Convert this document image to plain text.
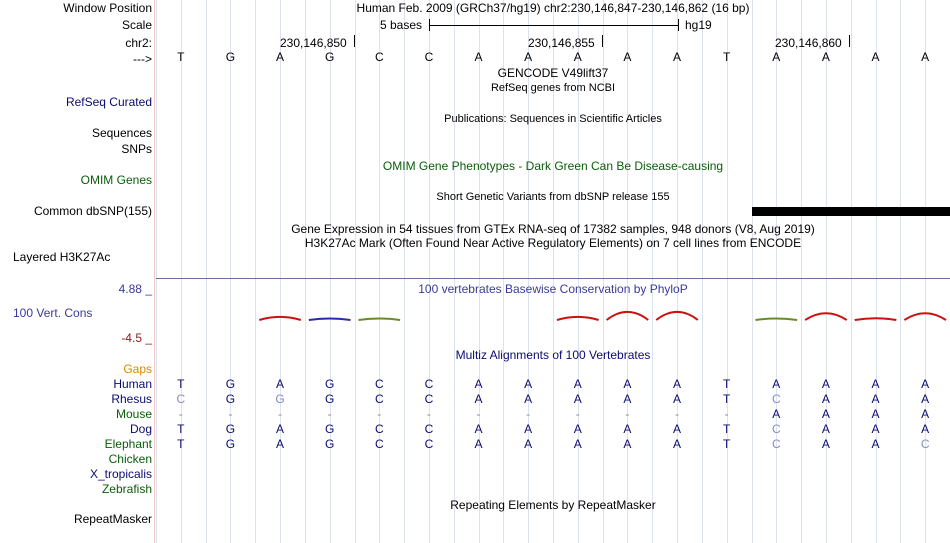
Window Position
Scale
chr2:
--->
RefSeq Curated
Sequences
SNPs
OMIM Genes
Common dbSNP(155)
Layered H3K27Ac
4.88 _
100 Vert. Cons
-4.5 _
Gaps
Human
Rhesus
Mouse
Dog
Elephant
Chicken
X_tropicalis
Zebrafish
RepeatMasker
Human Feb. 2009 (GRCh37/hg19) chr2:230,146,847-230,146,862 (16 bp)
5 bases	hg19
230,146,850	230,146,855	230,146,860
T	G	A	G	C	C	A	A	A	A	A	T	A	A	A	A
GENCODE V49lift37
RefSeq genes from NCBI
Publications: Sequences in Scientific Articles
OMIM Gene Phenotypes - Dark Green Can Be Disease-causing
Short Genetic Variants from dbSNP release 155
Gene Expression in 54 tissues from GTEx RNA-seq of 17382 samples, 948 donors (V8, Aug 2019)
H3K27Ac Mark (Often Found Near Active Regulatory Elements) on 7 cell lines from ENCODE
100 vertebrates Basewise Conservation by PhyloP
Multiz Alignments of 100 Vertebrates
T	G	A	G	C	C	A	A	A	A	A	T	A	A	A	A
C	G	G	G	C	C	A	A	A	A	A	T	C	A	A	A
-	-	-	-	-	-	-	-	-	-	-	-	A	A	A	A
T	G	A	G	C	C	A	A	A	A	A	T	C	A	A	A
T	G	A	G	C	C	A	A	A	A	A	T	C	A	A	C
Repeating Elements by RepeatMasker
